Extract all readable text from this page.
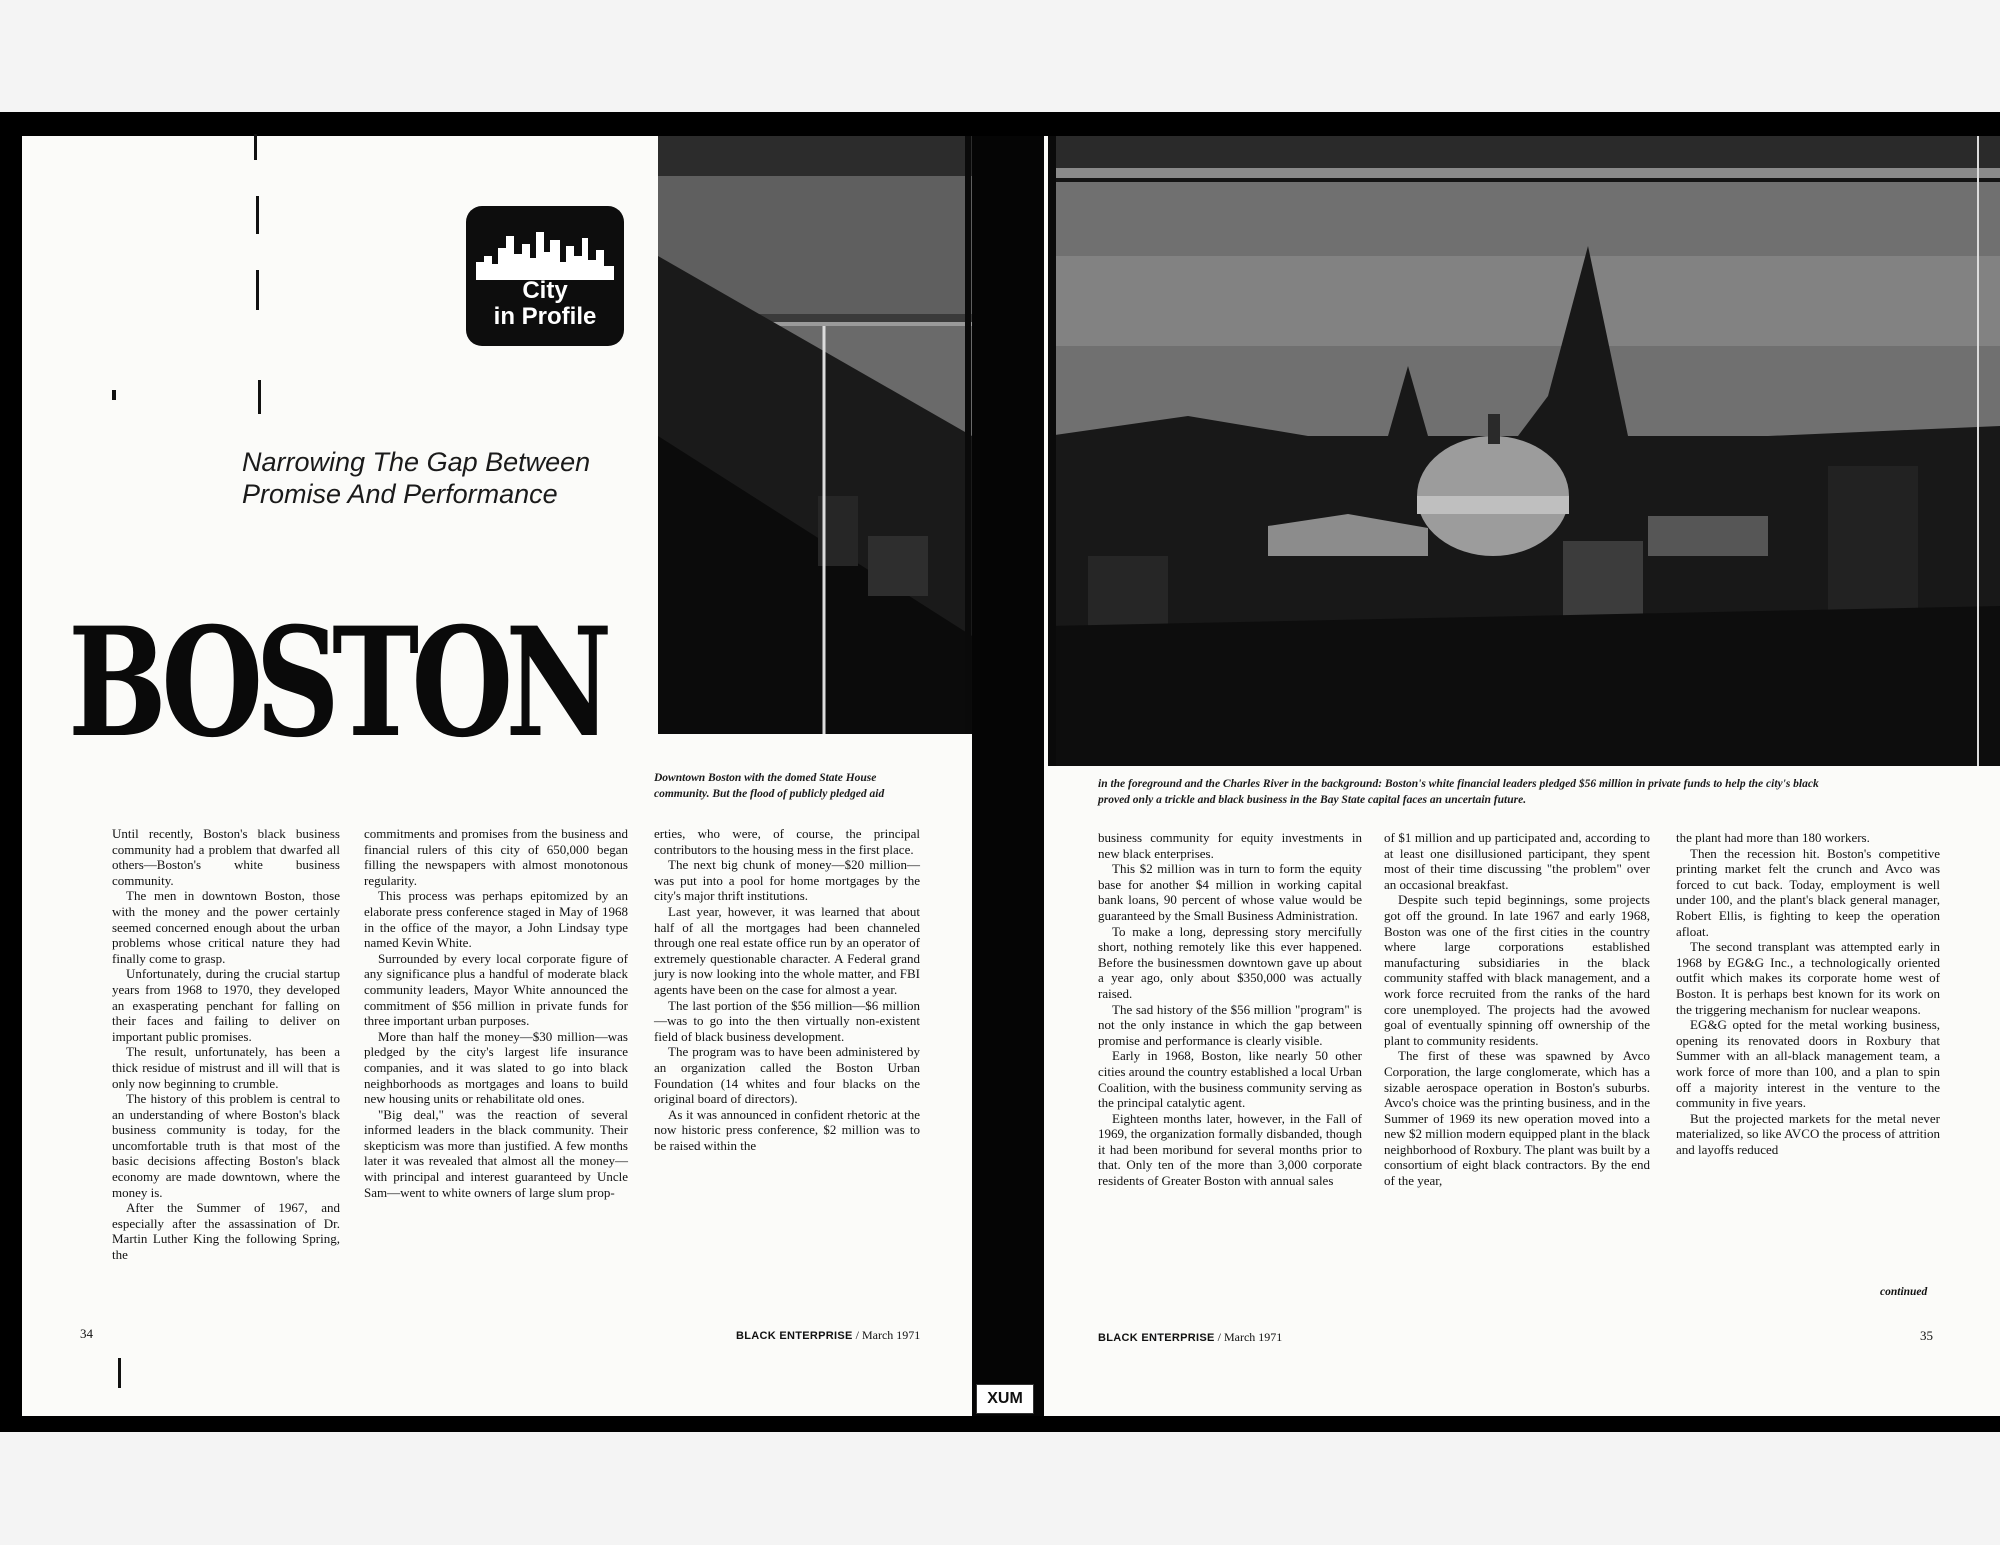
City
in Profile
Narrowing The Gap Between
Promise And Performance
BOSTON
Downtown Boston with the domed State House
community. But the flood of publicly pledged aid
in the foreground and the Charles River in the background: Boston's white financial leaders pledged $56 million in private funds to help the city's black
proved only a trickle and black business in the Bay State capital faces an uncertain future.

Until recently, Boston's black business community had a problem that dwarfed all others—Boston's white business community.

The men in downtown Boston, those with the money and the power certainly seemed concerned enough about the urban problems whose critical nature they had finally come to grasp.

Unfortunately, during the crucial startup years from 1968 to 1970, they developed an exasperating penchant for falling on their faces and failing to deliver on important public promises.

The result, unfortunately, has been a thick residue of mistrust and ill will that is only now beginning to crumble.

The history of this problem is central to an understanding of where Boston's black business community is today, for the uncomfortable truth is that most of the basic decisions affecting Boston's black economy are made downtown, where the money is.

After the Summer of 1967, and especially after the assassination of Dr. Martin Luther King the following Spring, the

commitments and promises from the business and financial rulers of this city of 650,000 began filling the newspapers with almost monotonous regularity.

This process was perhaps epitomized by an elaborate press conference staged in May of 1968 in the office of the mayor, a John Lindsay type named Kevin White.

Surrounded by every local corporate figure of any significance plus a handful of moderate black community leaders, Mayor White announced the commitment of $56 million in private funds for three important urban purposes.

More than half the money—$30 million—was pledged by the city's largest life insurance companies, and it was slated to go into black neighborhoods as mortgages and loans to build new housing units or rehabilitate old ones.

"Big deal," was the reaction of several informed leaders in the black community. Their skepticism was more than justified. A few months later it was revealed that almost all the money—with principal and interest guaranteed by Uncle Sam—went to white owners of large slum prop-

erties, who were, of course, the principal contributors to the housing mess in the first place.

The next big chunk of money—$20 million—was put into a pool for home mortgages by the city's major thrift institutions.

Last year, however, it was learned that about half of all the mortgages had been channeled through one real estate office run by an operator of extremely questionable character. A Federal grand jury is now looking into the whole matter, and FBI agents have been on the case for almost a year.

The last portion of the $56 million—$6 million—was to go into the then virtually non-existent field of black business development.

The program was to have been administered by an organization called the Boston Urban Foundation (14 whites and four blacks on the original board of directors).

As it was announced in confident rhetoric at the now historic press conference, $2 million was to be raised within the

business community for equity investments in new black enterprises.

This $2 million was in turn to form the equity base for another $4 million in working capital bank loans, 90 percent of whose value would be guaranteed by the Small Business Administration.

To make a long, depressing story mercifully short, nothing remotely like this ever happened. Before the businessmen downtown gave up about a year ago, only about $350,000 was actually raised.

The sad history of the $56 million "program" is not the only instance in which the gap between promise and performance is clearly visible.

Early in 1968, Boston, like nearly 50 other cities around the country established a local Urban Coalition, with the business community serving as the principal catalytic agent.

Eighteen months later, however, in the Fall of 1969, the organization formally disbanded, though it had been moribund for several months prior to that. Only ten of the more than 3,000 corporate residents of Greater Boston with annual sales

of $1 million and up participated and, according to at least one disillusioned participant, they spent most of their time discussing "the problem" over an occasional breakfast.

Despite such tepid beginnings, some projects got off the ground. In late 1967 and early 1968, Boston was one of the first cities in the country where large corporations established manufacturing subsidiaries in the black community staffed with black management, and a work force recruited from the ranks of the hard core unemployed. The projects had the avowed goal of eventually spinning off ownership of the plant to community residents.

The first of these was spawned by Avco Corporation, the large conglomerate, which has a sizable aerospace operation in Boston's suburbs. Avco's choice was the printing business, and in the Summer of 1969 its new operation moved into a new $2 million modern equipped plant in the black neighborhood of Roxbury. The plant was built by a consortium of eight black contractors. By the end of the year,

the plant had more than 180 workers.

Then the recession hit. Boston's competitive printing market felt the crunch and Avco was forced to cut back. Today, employment is well under 100, and the plant's black general manager, Robert Ellis, is fighting to keep the operation afloat.

The second transplant was attempted early in 1968 by EG&G Inc., a technologically oriented outfit which makes its corporate home west of Boston. It is perhaps best known for its work on the triggering mechanism for nuclear weapons.

EG&G opted for the metal working business, opening its renovated doors in Roxbury that Summer with an all-black management team, a work force of more than 100, and a plan to spin off a majority interest in the venture to the community in five years.

But the projected markets for the metal never materialized, so like AVCO the process of attrition and layoffs reduced

continued
34	BLACK ENTERPRISE / March 1971	BLACK ENTERPRISE / March 1971	35
XUM
